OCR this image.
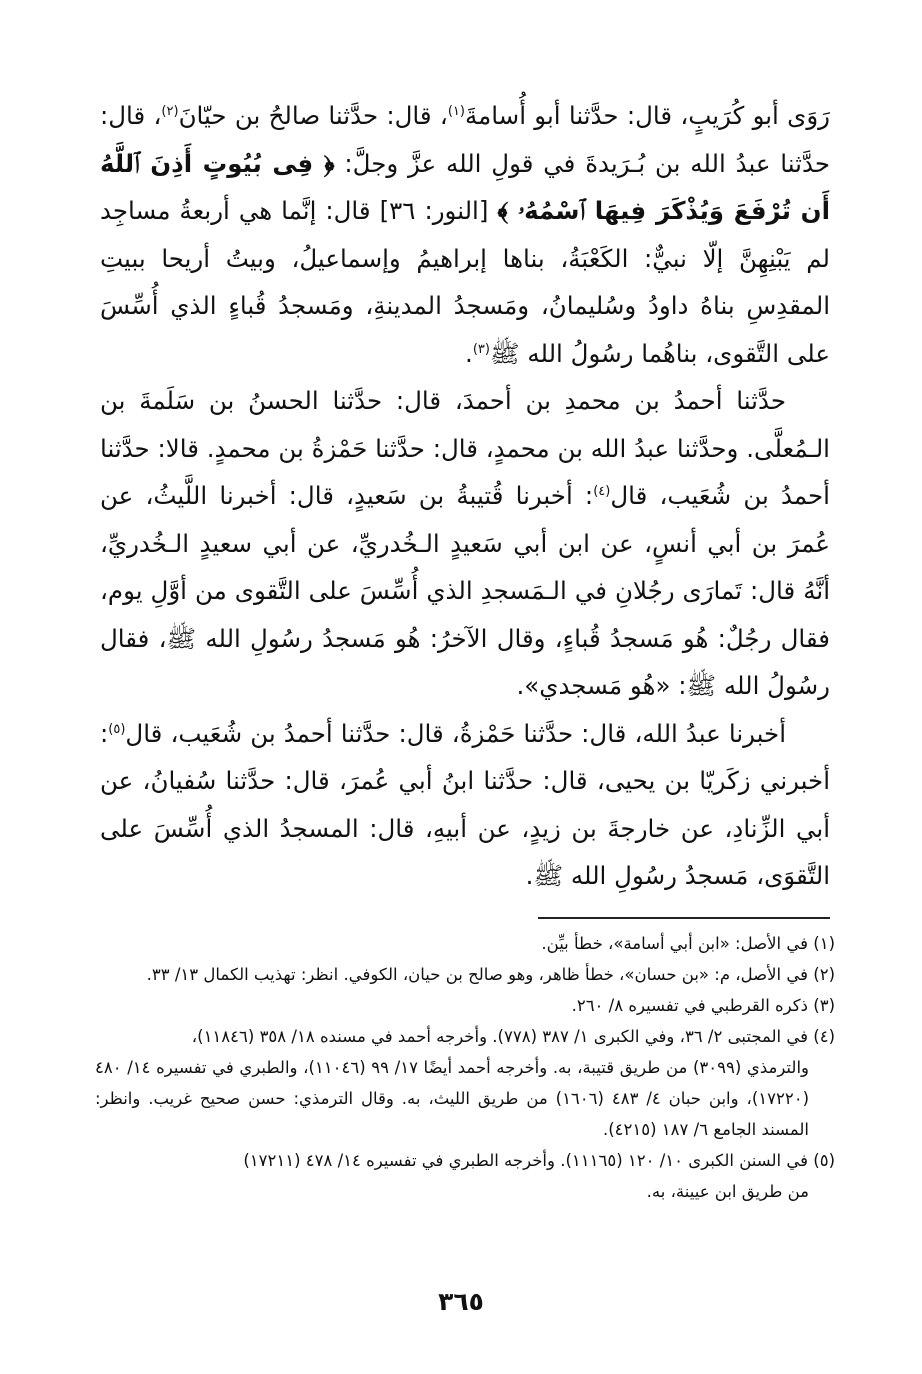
رَوَى أبو كُرَيبٍ، قال: حدَّثنا أبو أُسامةَ$^{(١)}$، قال: حدَّثنا صالحُ بن حيّانَ$^{(٢)}$، قال: حدَّثنا عبدُ الله بن بُـرَيدةَ في قولِ الله عزَّ وجلَّ: ﴿ فِى بُيُوتٍ أَذِنَ ٱللَّهُ أَن تُرْفَعَ وَيُذْكَرَ فِيهَا ٱسْمُهُۥ ﴾ [النور: ٣٦] قال: إنَّما هي أربعةُ مساجِد لم يَبْنِهِنَّ إلّا نبيٌّ: الكَعْبَةُ، بناها إبراهيمُ وإسماعيلُ، وبيتُ أريحا ببيتِ المقدِسِ بناهُ داودُ وسُليمانُ، ومَسجدُ المدينةِ، ومَسجدُ قُباءٍ الذي أُسِّسَ على التَّقوى، بناهُما رسُولُ الله ﷺ$^{(٣)}$.

حدَّثنا أحمدُ بن محمدِ بن أحمدَ، قال: حدَّثنا الحسنُ بن سَلَمةَ بن الـمُعلَّى. وحدَّثنا عبدُ الله بن محمدٍ، قال: حدَّثنا حَمْزةُ بن محمدٍ. قالا: حدَّثنا أحمدُ بن شُعَيب، قال$^{(٤)}$: أخبرنا قُتيبةُ بن سَعيدٍ، قال: أخبرنا اللَّيثُ، عن عُمرَ بن أبي أنسٍ، عن ابن أبي سَعيدٍ الـخُدريِّ، عن أبي سعيدٍ الـخُدريِّ، أنَّهُ قال: تَمارَى رجُلانِ في الـمَسجدِ الذي أُسِّسَ على التَّقوى من أوَّلِ يوم، فقال رجُلٌ: هُو مَسجدُ قُباءٍ، وقال الآخرُ: هُو مَسجدُ رسُولِ الله ﷺ، فقال رسُولُ الله ﷺ: «هُو مَسجدي».

أخبرنا عبدُ الله، قال: حدَّثنا حَمْزةُ، قال: حدَّثنا أحمدُ بن شُعَيب، قال$^{(٥)}$: أخبرني زكَريّا بن يحيى، قال: حدَّثنا ابنُ أبي عُمرَ، قال: حدَّثنا سُفيانُ، عن أبي الزِّنادِ، عن خارجةَ بن زيدٍ، عن أبيهِ، قال: المسجدُ الذي أُسِّسَ على التَّقوَى، مَسجدُ رسُولِ الله ﷺ.

(١) في الأصل: «ابن أبي أسامة»، خطأ بيِّن.

(٢) في الأصل، م: «بن حسان»، خطأ ظاهر، وهو صالح بن حيان، الكوفي. انظر: تهذيب الكمال ١٣/ ٣٣.

(٣) ذكره القرطبي في تفسيره ٨/ ٢٦٠.

(٤) في المجتبى ٢/ ٣٦، وفي الكبرى ١/ ٣٨٧ (٧٧٨). وأخرجه أحمد في مسنده ١٨/ ٣٥٨ (١١٨٤٦)،
والترمذي (٣٠٩٩) من طريق قتيبة، به. وأخرجه أحمد أيضًا ١٧/ ٩٩ (١١٠٤٦)، والطبري في تفسيره ١٤/ ٤٨٠ (١٧٢٢٠)، وابن حبان ٤/ ٤٨٣ (١٦٠٦) من طريق الليث، به. وقال الترمذي: حسن صحيح غريب. وانظر: المسند الجامع ٦/ ١٨٧ (٤٢١٥).

(٥) في السنن الكبرى ١٠/ ١٢٠ (١١١٦٥). وأخرجه الطبري في تفسيره ١٤/ ٤٧٨ (١٧٢١١)
من طريق ابن عيينة، به.

٣٦٥
